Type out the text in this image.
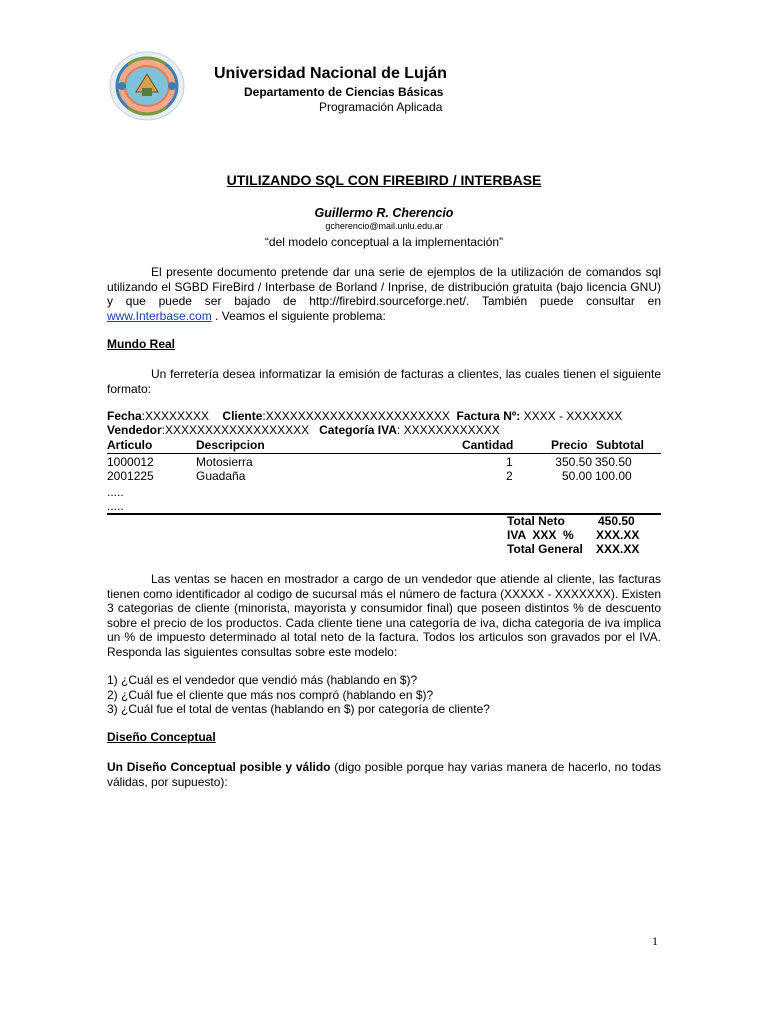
Universidad Nacional de Luján
Departamento de Ciencias Básicas
Programación Aplicada
UTILIZANDO SQL CON FIREBIRD / INTERBASE
Guillermo R. Cherencio
gcherencio@mail.unlu.edu.ar
“del modelo conceptual a la implementación”
El presente documento pretende dar una serie de ejemplos de la utilización de comandos sql utilizando el SGBD FireBird / Interbase de Borland / Inprise, de distribución gratuita (bajo licencia GNU) y que puede ser bajado de http://firebird.sourceforge.net/. También puede consultar en www.Interbase.com . Veamos el siguiente problema:
Mundo Real
Un ferretería desea informatizar la emisión de facturas a clientes, las cuales tienen el siguiente formato:
Fecha:XXXXXXXX Cliente:XXXXXXXXXXXXXXXXXXXXXXX Factura Nº: XXXX - XXXXXXX
Vendedor:XXXXXXXXXXXXXXXXXX Categoría IVA: XXXXXXXXXXXX
Articulo	Descripcion	Cantidad	Precio Subtotal
1000012	Motosierra	1	350.50 350.50
2001225	Guadaña	2	50.00 100.00
.....
.....
Total Neto	450.50
IVA  XXX  % XXX.XX
Total General XXX.XX
Las ventas se hacen en mostrador a cargo de un vendedor que atiende al cliente, las facturas tienen como identificador al codigo de sucursal más el número de factura (XXXXX - XXXXXXX). Existen 3 categorias de cliente (minorista, mayorista y consumidor final) que poseen distintos % de descuento sobre el precio de los productos. Cada cliente tiene una categoría de iva, dicha categoria de iva implica un % de impuesto determinado al total neto de la factura. Todos los articulos son gravados por el IVA. Responda las siguientes consultas sobre este modelo:
1) ¿Cuál es el vendedor que vendió más (hablando en $)?
2) ¿Cuál fue el cliente que más nos compró (hablando en $)?
3) ¿Cuál fue el total de ventas (hablando en $) por categoría de cliente?
Diseño Conceptual
Un Diseño Conceptual posible y válido (digo posible porque hay varias manera de hacerlo, no todas válidas, por supuesto):
1
